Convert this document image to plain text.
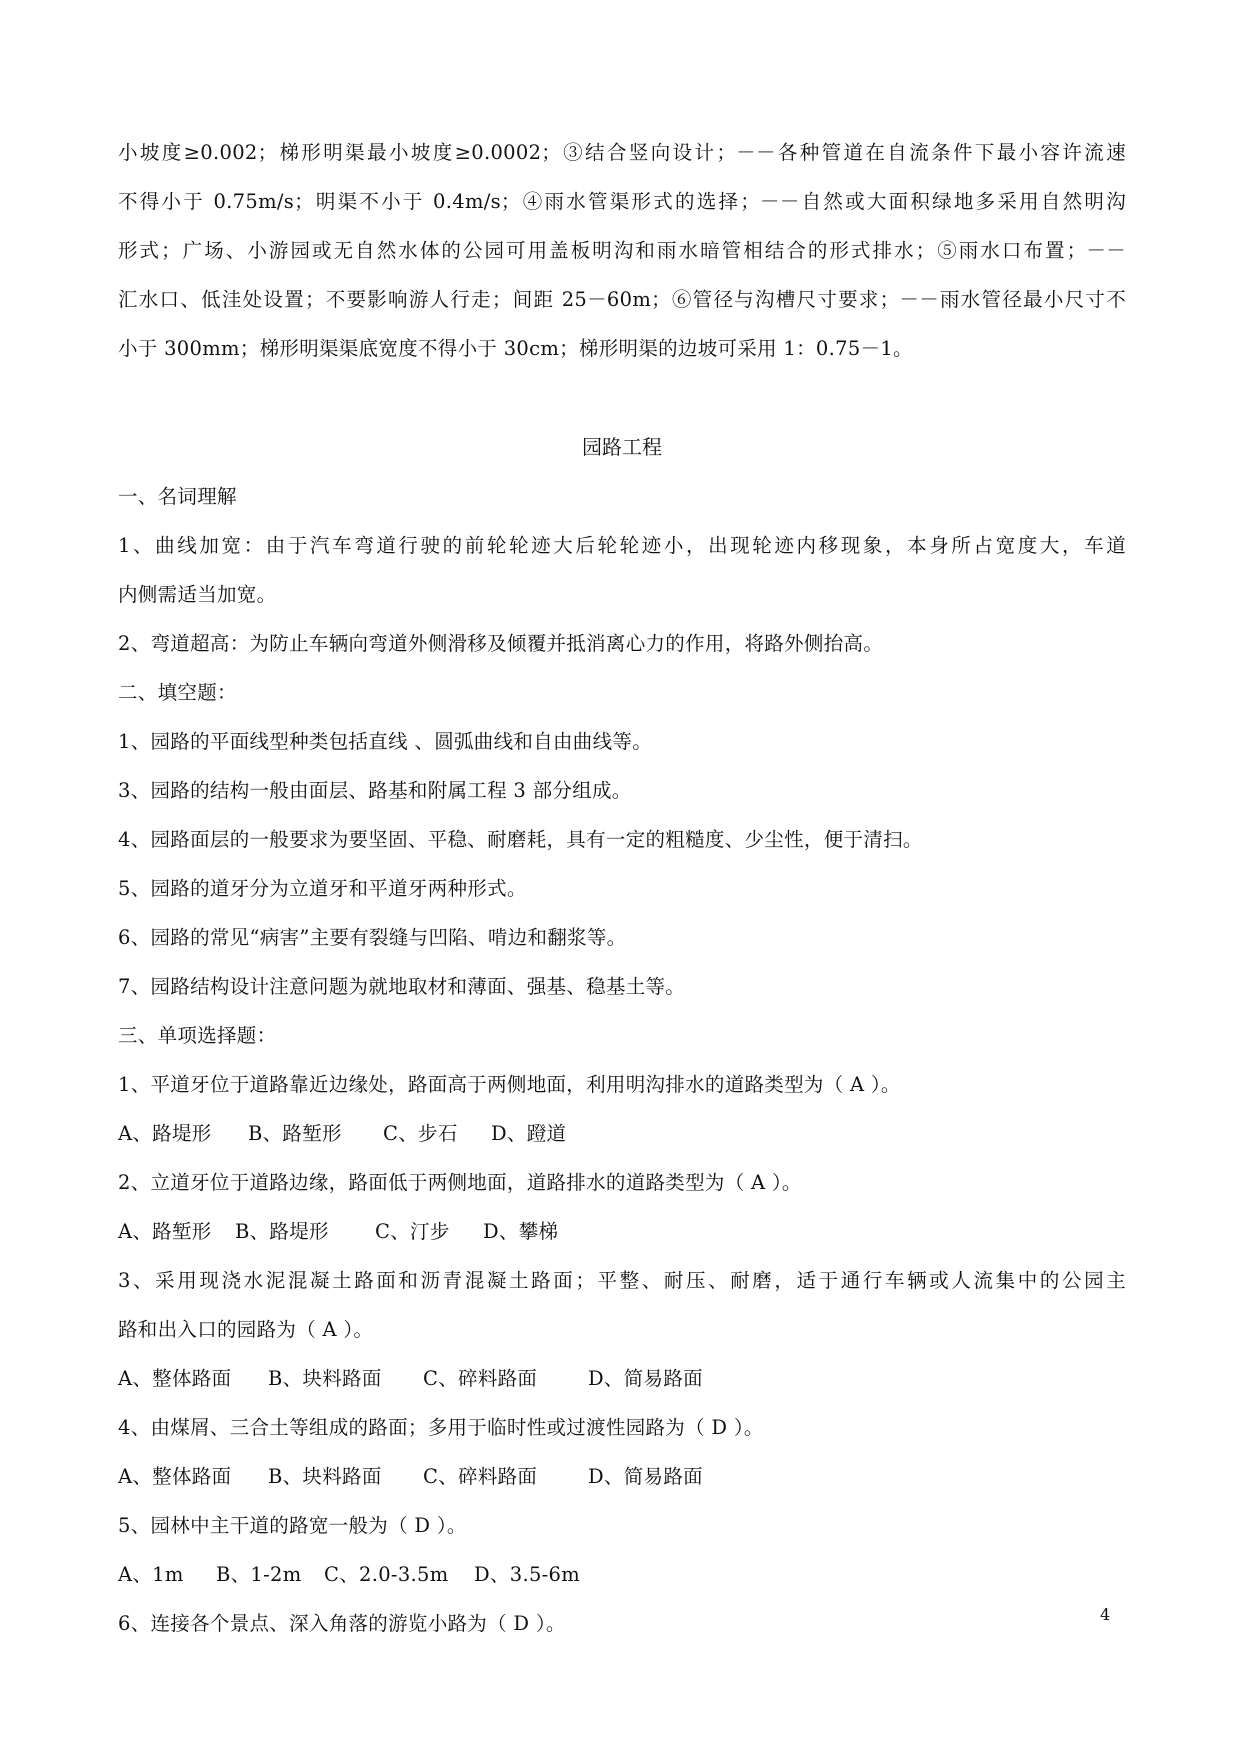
小坡度≥0.002；梯形明渠最小坡度≥0.0002；③结合竖向设计；－－各种管道在自流条件下最小容许流速
不得小于 0.75m/s；明渠不小于 0.4m/s；④雨水管渠形式的选择；－－自然或大面积绿地多采用自然明沟
形式；广场、小游园或无自然水体的公园可用盖板明沟和雨水暗管相结合的形式排水；⑤雨水口布置；－－
汇水口、低洼处设置；不要影响游人行走；间距 25－60m；⑥管径与沟槽尺寸要求；－－雨水管径最小尺寸不
小于 300mm；梯形明渠渠底宽度不得小于 30cm；梯形明渠的边坡可采用 1：0.75－1。
园路工程
一、名词理解
1、曲线加宽：由于汽车弯道行驶的前轮轮迹大后轮轮迹小，出现轮迹内移现象，本身所占宽度大，车道
内侧需适当加宽。
2、弯道超高：为防止车辆向弯道外侧滑移及倾覆并抵消离心力的作用，将路外侧抬高。
二、填空题：
1、园路的平面线型种类包括直线 、圆弧曲线和自由曲线等。
3、园路的结构一般由面层、路基和附属工程 3 部分组成。
4、园路面层的一般要求为要坚固、平稳、耐磨耗，具有一定的粗糙度、少尘性，便于清扫。
5、园路的道牙分为立道牙和平道牙两种形式。
6、园路的常见“病害”主要有裂缝与凹陷、啃边和翻浆等。
7、园路结构设计注意问题为就地取材和薄面、强基、稳基土等。
三、单项选择题：
1、平道牙位于道路靠近边缘处，路面高于两侧地面，利用明沟排水的道路类型为（ A ）。
A、路堤形 B、路堑形 C、步石 D、蹬道
2、立道牙位于道路边缘，路面低于两侧地面，道路排水的道路类型为（ A ）。
A、路堑形 B、路堤形 C、汀步 D、攀梯
3、采用现浇水泥混凝土路面和沥青混凝土路面；平整、耐压、耐磨，适于通行车辆或人流集中的公园主
路和出入口的园路为（ A ）。
A、整体路面 B、块料路面 C、碎料路面	D、简易路面
4、由煤屑、三合土等组成的路面；多用于临时性或过渡性园路为（ D ）。
A、整体路面 B、块料路面 C、碎料路面	D、简易路面
5、园林中主干道的路宽一般为（ D ）。
A、1m B、1-2m C、2.0-3.5m D、3.5-6m
6、连接各个景点、深入角落的游览小路为（ D ）。	4
